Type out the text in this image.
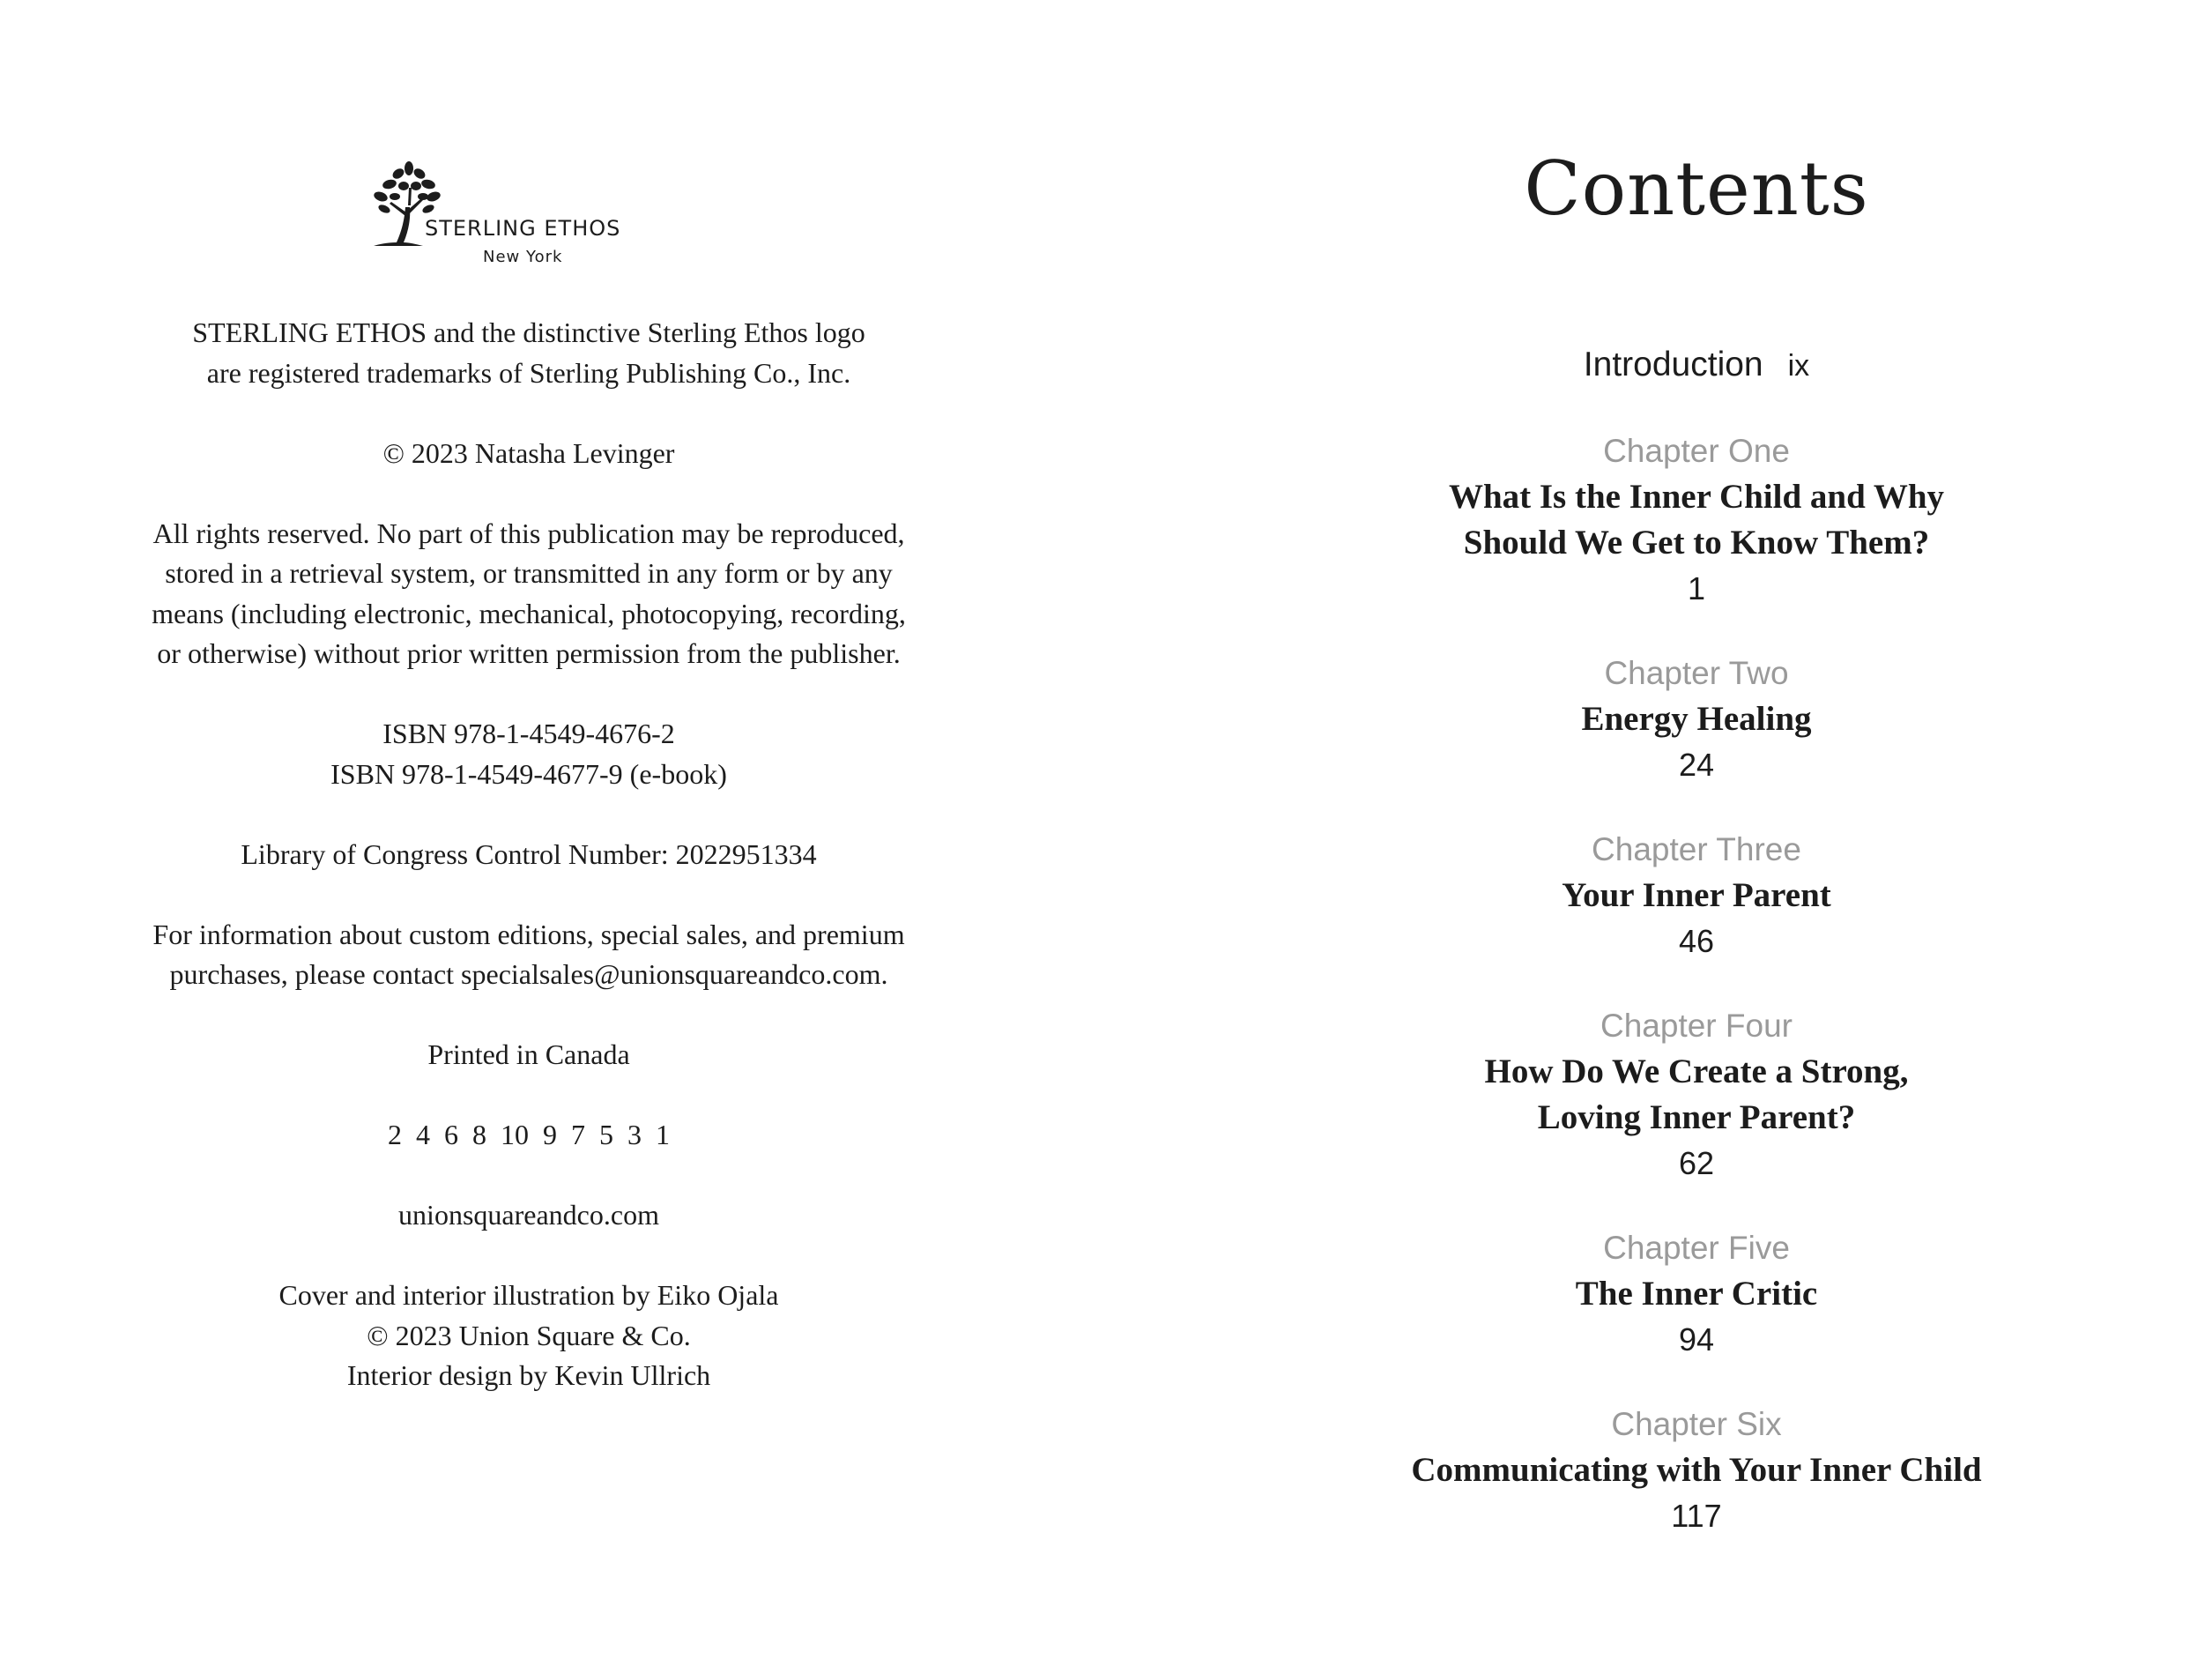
STERLING ETHOS
New York

STERLING ETHOS and the distinctive Sterling Ethos logo
are registered trademarks of Sterling Publishing Co., Inc.

© 2023 Natasha Levinger

All rights reserved. No part of this publication may be reproduced,
stored in a retrieval system, or transmitted in any form or by any
means (including electronic, mechanical, photocopying, recording,
or otherwise) without prior written permission from the publisher.

ISBN 978-1-4549-4676-2
ISBN 978-1-4549-4677-9 (e-book)

Library of Congress Control Number: 2022951334

For information about custom editions, special sales, and premium
purchases, please contact specialsales@unionsquareandco.com.

Printed in Canada

2 4 6 8 10 9 7 5 3 1

unionsquareandco.com

Cover and interior illustration by Eiko Ojala
© 2023 Union Square & Co.
Interior design by Kevin Ullrich

Contents
Introduction ix
Chapter One
What Is the Inner Child and Why
Should We Get to Know Them?
1
Chapter Two
Energy Healing
24
Chapter Three
Your Inner Parent
46
Chapter Four
How Do We Create a Strong,
Loving Inner Parent?
62
Chapter Five
The Inner Critic
94
Chapter Six
Communicating with Your Inner Child
117
